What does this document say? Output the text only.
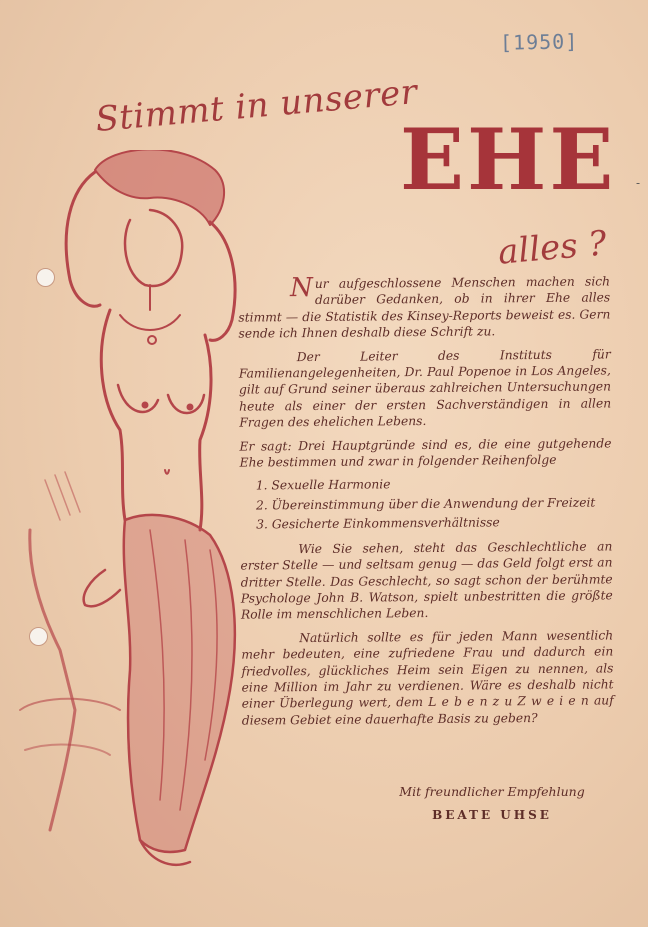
[1950]
-
Stimmt in unserer
EHE
alles ?

Nur aufgeschlossene Menschen machen sich darüber Gedanken, ob in ihrer Ehe alles stimmt — die Statistik des Kinsey-Reports beweist es. Gern sende ich Ihnen deshalb diese Schrift zu.

Der Leiter des Instituts für Familienangelegenheiten, Dr. Paul Popenoe in Los Angeles, gilt auf Grund seiner überaus zahlreichen Untersuchungen heute als einer der ersten Sachverständigen in allen Fragen des ehelichen Lebens.

Er sagt: Drei Hauptgründe sind es, die eine gutgehende Ehe bestimmen und zwar in folgender Reihenfolge

1. Sexuelle Harmonie
2. Übereinstimmung über die Anwendung der Freizeit
3. Gesicherte Einkommensverhältnisse

Wie Sie sehen, steht das Geschlechtliche an erster Stelle — und seltsam genug — das Geld folgt erst an dritter Stelle. Das Geschlecht, so sagt schon der berühmte Psychologe John B. Watson, spielt unbestritten die größte Rolle im menschlichen Leben.

Natürlich sollte es für jeden Mann wesentlich mehr bedeuten, eine zufriedene Frau und dadurch ein friedvolles, glückliches Heim sein Eigen zu nennen, als eine Million im Jahr zu verdienen. Wäre es deshalb nicht einer Überlegung wert, dem L e b e n z u Z w e i e n auf diesem Gebiet eine dauerhafte Basis zu geben?

Mit freundlicher Empfehlung
BEATE UHSE
